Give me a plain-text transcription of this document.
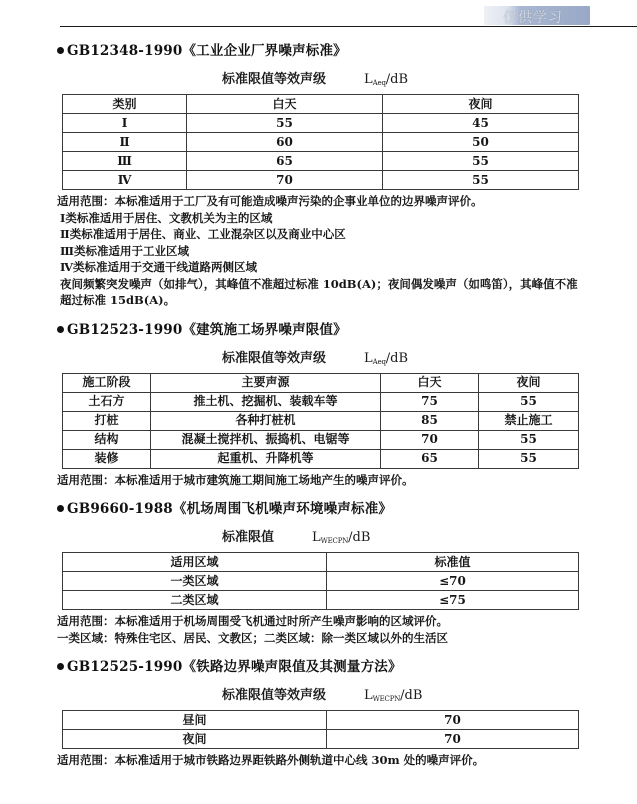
仅供学习
GB12348-1990《工业企业厂界噪声标准》
标准限值等效声级	$L_{Aeq}/dB$
类别	白天	夜间
Ⅰ	55	45
Ⅱ	60	50
Ⅲ	65	55
Ⅳ	70	55

适用范围：本标准适用于工厂及有可能造成噪声污染的企事业单位的边界噪声评价。

Ⅰ类标准适用于居住、文教机关为主的区域

Ⅱ类标准适用于居住、商业、工业混杂区以及商业中心区

Ⅲ类标准适用于工业区域

Ⅳ类标准适用于交通干线道路两侧区域

夜间频繁突发噪声（如排气），其峰值不准超过标准 10dB(A)；夜间偶发噪声（如鸣笛），其峰值不准超过标准 15dB(A)。

GB12523-1990《建筑施工场界噪声限值》
标准限值等效声级	$L_{Aeq}/dB$
施工阶段	主要声源	白天	夜间
土石方	推土机、挖掘机、装载车等	75	55
打桩	各种打桩机	85	禁止施工
结构	混凝土搅拌机、振捣机、电锯等	70	55
装修	起重机、升降机等	65	55

适用范围：本标准适用于城市建筑施工期间施工场地产生的噪声评价。

GB9660-1988《机场周围飞机噪声环境噪声标准》
标准限值	$L_{WECPN}/dB$
适用区域	标准值
一类区域	≤70
二类区域	≤75

适用范围：本标准适用于机场周围受飞机通过时所产生噪声影响的区域评价。

一类区域：特殊住宅区、居民、文教区；二类区域：除一类区域以外的生活区

GB12525-1990《铁路边界噪声限值及其测量方法》
标准限值等效声级	$L_{WECPN}/dB$
昼间	70
夜间	70

适用范围：本标准适用于城市铁路边界距铁路外侧轨道中心线 30m 处的噪声评价。
